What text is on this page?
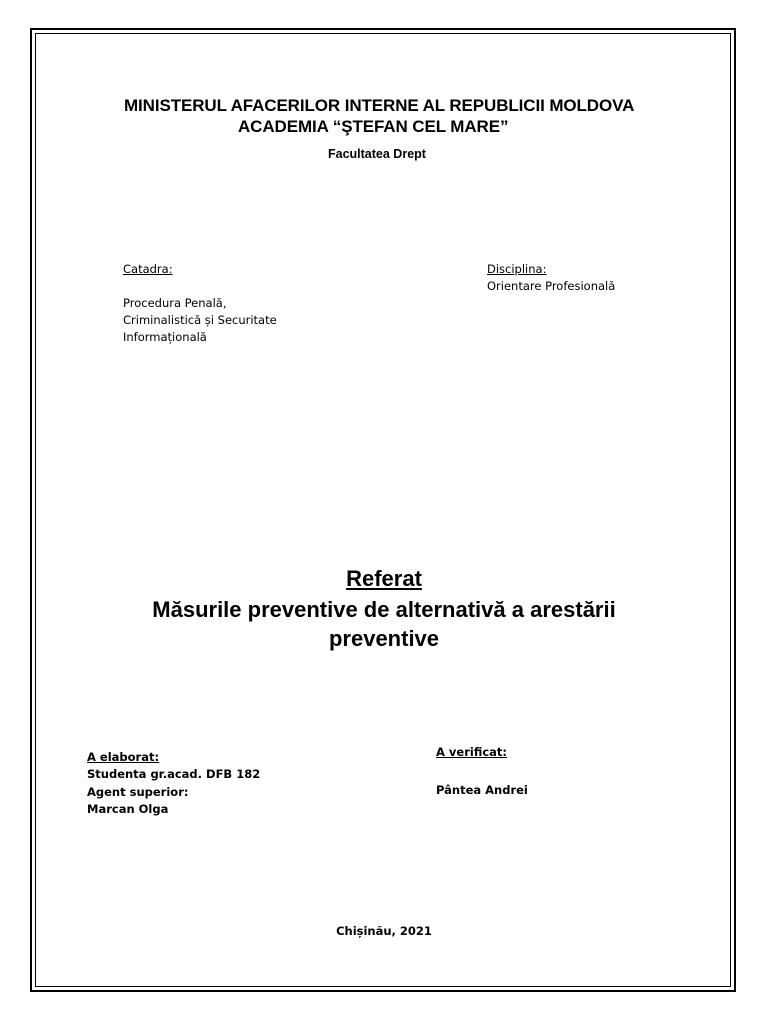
MINISTERUL AFACERILOR INTERNE AL REPUBLICII MOLDOVA
ACADEMIA “ŞTEFAN CEL MARE”
Facultatea Drept
Catadra:
Procedura Penală,
Criminalistică și Securitate
Informațională
Disciplina:
Orientare Profesională
Referat
Măsurile preventive de alternativă a arestării
preventive
A elaborat:
Studenta gr.acad. DFB 182
Agent superior:
Marcan Olga
A verificat:
Pântea Andrei
Chișinău, 2021
